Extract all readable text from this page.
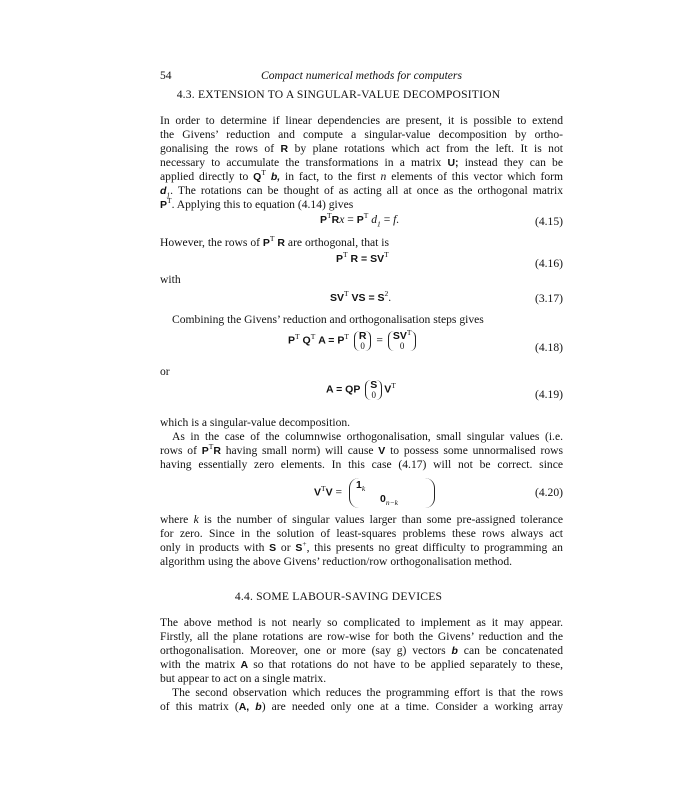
54	Compact numerical methods for computers
4.3. EXTENSION TO A SINGULAR-VALUE DECOMPOSITION
In order to determine if linear dependencies are present, it is possible to extend
the Givens’ reduction and compute a singular-value decomposition by ortho-
gonalising the rows of R by plane rotations which act from the left. It is not
necessary to accumulate the transformations in a matrix U; instead they can be
applied directly to $Q^T$ b, in fact, to the first n elements of this vector which form
$d_1$. The rotations can be thought of as acting all at once as the orthogonal matrix
$P^T$. Applying this to equation (4.14) gives
$P^TRx = P^T$ $d_1 = f$.	(4.15)
However, the rows of $P^T$ R are orthogonal, that is
$P^T$ $R = SV^T$
(4.16)
with
$SV^T$ VS = $S^2$.	(3.17)
Combining the Givens’ reduction and orthogonalisation steps gives
$P^T$ $Q^T$ $A = P^T$ R
$0 = SV^T$
0	(4.18)
or
A = QP S
0 $V^T$
(4.19)
which is a singular-value decomposition.
As in the case of the columnwise orthogonalisation, small singular values (i.e.
rows of $P^TR$ having small norm) will cause V to possess some unnormalised rows
having essentially zero elements. In this case (4.17) will not be correct. since
$V^TV = 1_k$
$0_{n-k}$
(4.20)
where k is the number of singular values larger than some pre-assigned tolerance
for zero. Since in the solution of least-squares problems these rows always act
only in products with S or S+, this presents no great difficulty to programming an
algorithm using the above Givens’ reduction/row orthogonalisation method.
4.4. SOME LABOUR-SAVING DEVICES
The above method is not nearly so complicated to implement as it may appear.
Firstly, all the plane rotations are row-wise for both the Givens’ reduction and the
orthogonalisation. Moreover, one or more (say g) vectors b can be concatenated
with the matrix A so that rotations do not have to be applied separately to these,
but appear to act on a single matrix.
The second observation which reduces the programming effort is that the rows
of this matrix (A, b) are needed only one at a time. Consider a working array
